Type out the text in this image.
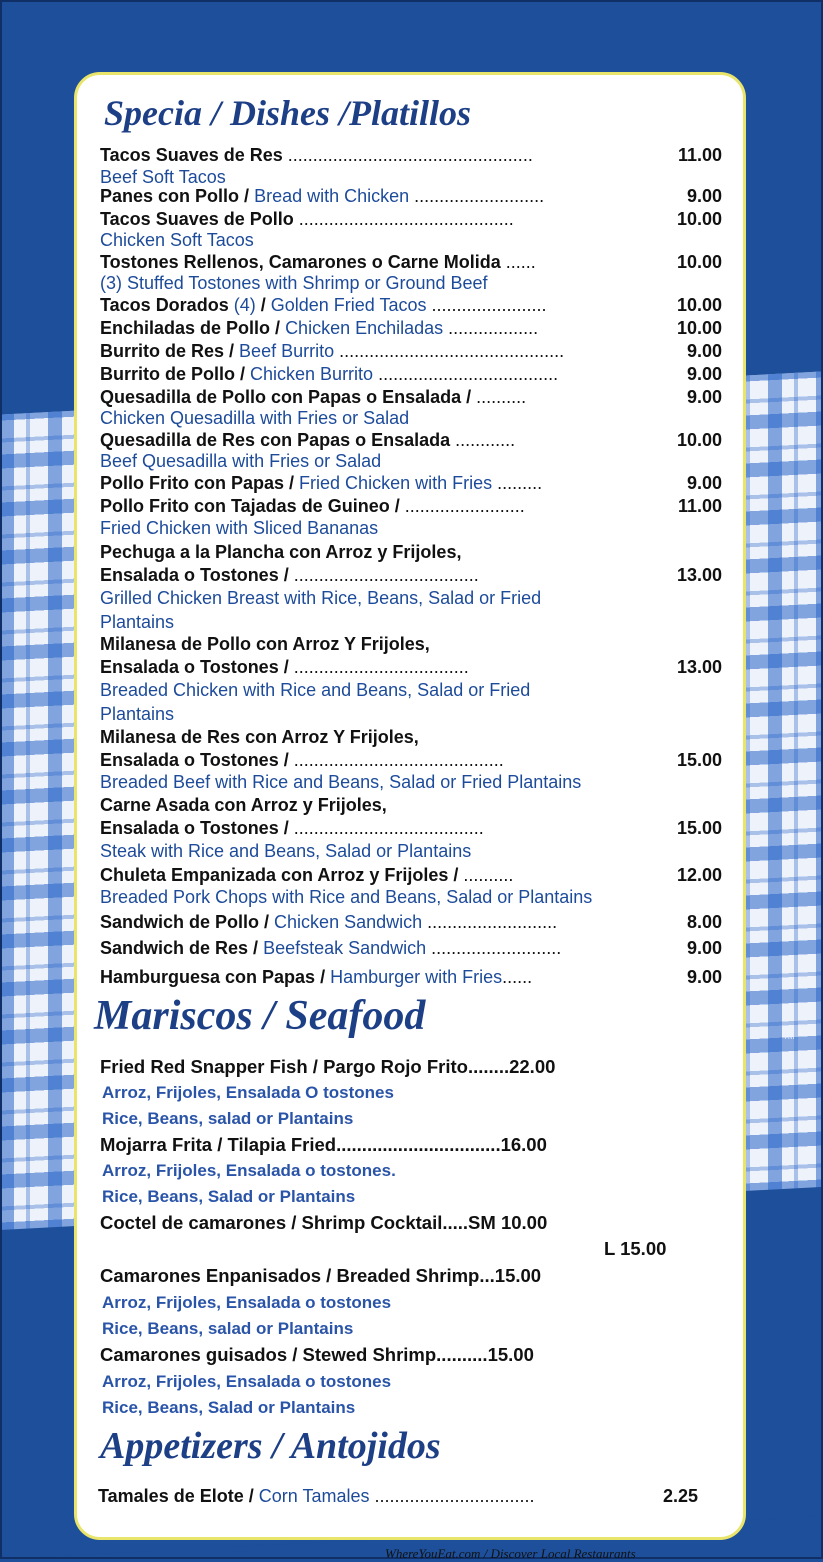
Specia / Dishes /Platillos
Tacos Suaves de Res .................................................	11.00
Beef Soft Tacos
Panes con Pollo / Bread with Chicken ..........................	9.00
Tacos Suaves de Pollo ...........................................	10.00
Chicken Soft Tacos
Tostones Rellenos, Camarones o Carne Molida ......	10.00
(3) Stuffed Tostones with Shrimp or Ground Beef
Tacos Dorados (4) / Golden Fried Tacos .......................	10.00
Enchiladas de Pollo / Chicken Enchiladas ..................	10.00
Burrito de Res / Beef Burrito .............................................	9.00
Burrito de Pollo / Chicken Burrito ....................................	9.00
Quesadilla de Pollo con Papas o Ensalada / ..........	9.00
Chicken Quesadilla with Fries or Salad
Quesadilla de Res con Papas o Ensalada ............	10.00
Beef Quesadilla with Fries or Salad
Pollo Frito con Papas / Fried Chicken with Fries .........	9.00
Pollo Frito con Tajadas de Guineo / ........................	11.00
Fried Chicken with Sliced Bananas
Pechuga a la Plancha con Arroz y Frijoles,
Ensalada o Tostones / .....................................	13.00
Grilled Chicken Breast with Rice, Beans, Salad or Fried
Plantains
Milanesa de Pollo con Arroz Y Frijoles,
Ensalada o Tostones / ...................................	13.00
Breaded Chicken with Rice and Beans, Salad or Fried
Plantains
Milanesa de Res con Arroz Y Frijoles,
Ensalada o Tostones / ..........................................	15.00
Breaded Beef with Rice and Beans, Salad or Fried Plantains
Carne Asada con Arroz y Frijoles,
Ensalada o Tostones / ......................................	15.00
Steak with Rice and Beans, Salad or Plantains
Chuleta Empanizada con Arroz y Frijoles / ..........	12.00
Breaded Pork Chops with Rice and Beans, Salad or Plantains
Sandwich de Pollo / Chicken Sandwich ..........................	8.00
Sandwich de Res / Beefsteak Sandwich ..........................	9.00
Hamburguesa con Papas / Hamburger with Fries......	9.00
Mariscos / Seafood
Fried Red Snapper Fish / Pargo Rojo Frito........22.00
Arroz, Frijoles, Ensalada O tostones
Rice, Beans, salad or Plantains
Mojarra Frita / Tilapia Fried................................16.00
Arroz, Frijoles, Ensalada o tostones.
Rice, Beans, Salad or Plantains
Coctel de camarones / Shrimp Cocktail.....SM 10.00
L 15.00
Camarones Enpanisados / Breaded Shrimp...15.00
Arroz, Frijoles, Ensalada o tostones
Rice, Beans, salad or Plantains
Camarones guisados / Stewed Shrimp..........15.00
Arroz, Frijoles, Ensalada o tostones
Rice, Beans, Salad or Plantains
Appetizers / Antojidos
Tamales de Elote / Corn Tamales ................................	2.25
TM
WhereYouEat.com / Discover Local Restaurants
